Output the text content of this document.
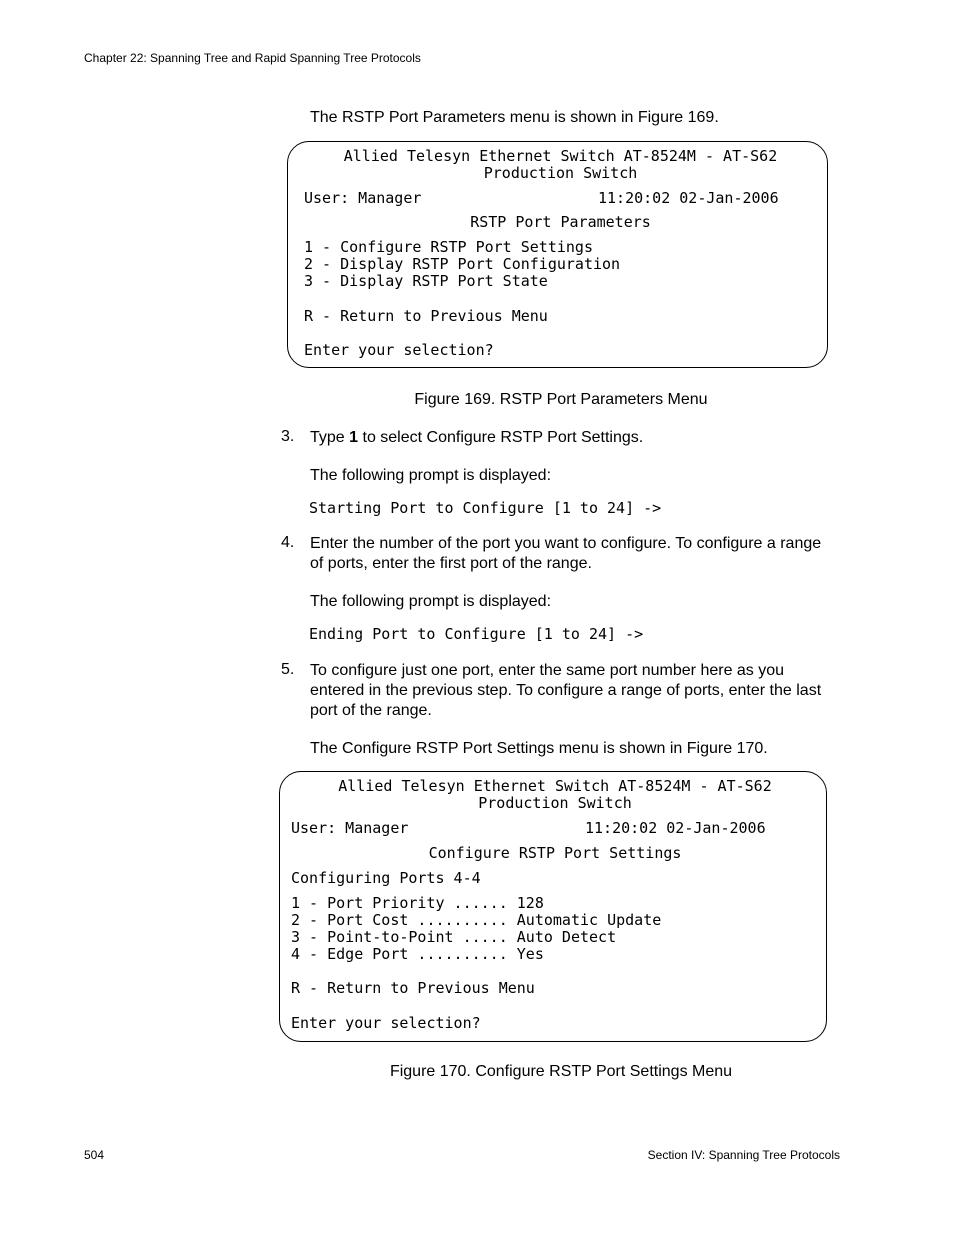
Chapter 22: Spanning Tree and Rapid Spanning Tree Protocols
The RSTP Port Parameters menu is shown in Figure 169.
Allied Telesyn Ethernet Switch AT-8524M - AT-S62
Production Switch
User: Manager	11:20:02 02-Jan-2006
RSTP Port Parameters
1 - Configure RSTP Port Settings
2 - Display RSTP Port Configuration
3 - Display RSTP Port State
R - Return to Previous Menu
Enter your selection?
Figure 169. RSTP Port Parameters Menu
3. Type 1 to select Configure RSTP Port Settings.
The following prompt is displayed:
Starting Port to Configure [1 to 24] ->
4. Enter the number of the port you want to configure. To configure a range of ports, enter the first port of the range.
The following prompt is displayed:
Ending Port to Configure [1 to 24] ->
5. To configure just one port, enter the same port number here as you entered in the previous step. To configure a range of ports, enter the last port of the range.
The Configure RSTP Port Settings menu is shown in Figure 170.
Allied Telesyn Ethernet Switch AT-8524M - AT-S62
Production Switch
User: Manager	11:20:02 02-Jan-2006
Configure RSTP Port Settings
Configuring Ports 4-4
1 - Port Priority ...... 128
2 - Port Cost .......... Automatic Update
3 - Point-to-Point ..... Auto Detect
4 - Edge Port .......... Yes
R - Return to Previous Menu
Enter your selection?
Figure 170. Configure RSTP Port Settings Menu
504	Section IV: Spanning Tree Protocols
